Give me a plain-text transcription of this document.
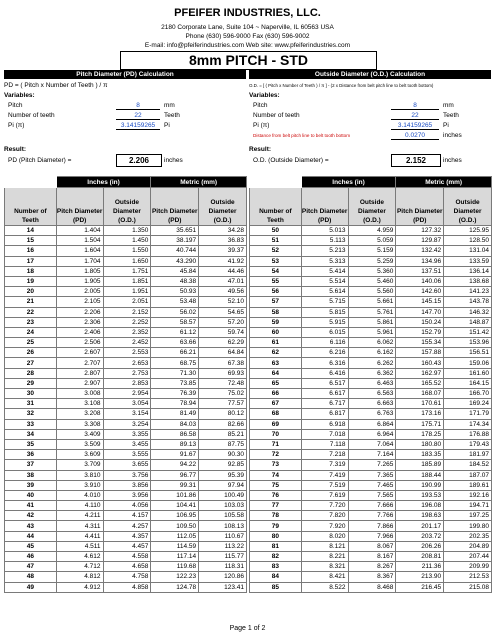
PFEIFER INDUSTRIES, LLC.
2180 Corporate Lane, Suite 104 ~ Naperville, IL 60563 USA
Phone (630) 596-9000 Fax (630) 596-9002
E-mail: info@pfeiferindustries.com Web site: www.pfeiferindustries.com
8mm PITCH - STD
Pitch Diameter (PD) Calculation	Outside Diameter (O.D.) Calculation
PD = ( Pitch x Number of Teeth ) / π
Variables:
Pitch	8	mm
Number of teeth	22	Teeth
Pi (π)	3.14159265	Pi
Result:
PD (Pitch Diameter) =	2.206	inches
O.D. = [ ( Pitch x Number of Teeth ) / π ] - (2 x Distance from belt pitch line to belt tooth bottom)
Variables:
Pitch	8	mm
Number of teeth	22	Teeth
Pi (π)	3.14159265	Pi
Distance from belt pitch line to belt tooth bottom	0.0270	inches
Result:
O.D. (Outside Diameter) =	2.152	inches
	Inches (in)		Metric (mm)	
Number of Teeth	Pitch Diameter (PD)	Outside Diameter (O.D.)	Pitch Diameter (PD)	Outside Diameter (O.D.)
14	1.404	1.350	35.651	34.28
15	1.504	1.450	38.197	36.83
16	1.604	1.550	40.744	39.37
17	1.704	1.650	43.290	41.92
18	1.805	1.751	45.84	44.46
19	1.905	1.851	48.38	47.01
20	2.005	1.951	50.93	49.56
21	2.105	2.051	53.48	52.10
22	2.206	2.152	56.02	54.65
23	2.306	2.252	58.57	57.20
24	2.406	2.352	61.12	59.74
25	2.506	2.452	63.66	62.29
26	2.607	2.553	66.21	64.84
27	2.707	2.653	68.75	67.38
28	2.807	2.753	71.30	69.93
29	2.907	2.853	73.85	72.48
30	3.008	2.954	76.39	75.02
31	3.108	3.054	78.94	77.57
32	3.208	3.154	81.49	80.12
33	3.308	3.254	84.03	82.66
34	3.409	3.355	86.58	85.21
35	3.509	3.455	89.13	87.75
36	3.609	3.555	91.67	90.30
37	3.709	3.655	94.22	92.85
38	3.810	3.756	96.77	95.39
39	3.910	3.856	99.31	97.94
40	4.010	3.956	101.86	100.49
41	4.110	4.056	104.41	103.03
42	4.211	4.157	106.95	105.58
43	4.311	4.257	109.50	108.13
44	4.411	4.357	112.05	110.67
45	4.511	4.457	114.59	113.22
46	4.612	4.558	117.14	115.77
47	4.712	4.658	119.68	118.31
48	4.812	4.758	122.23	120.86
49	4.912	4.858	124.78	123.41
	Inches (in)		Metric (mm)	
Number of Teeth	Pitch Diameter (PD)	Outside Diameter (O.D.)	Pitch Diameter (PD)	Outside Diameter (O.D.)
50	5.013	4.959	127.32	125.95
51	5.113	5.059	129.87	128.50
52	5.213	5.159	132.42	131.04
53	5.313	5.259	134.96	133.59
54	5.414	5.360	137.51	136.14
55	5.514	5.460	140.06	138.68
56	5.614	5.560	142.60	141.23
57	5.715	5.661	145.15	143.78
58	5.815	5.761	147.70	146.32
59	5.915	5.861	150.24	148.87
60	6.015	5.961	152.79	151.42
61	6.116	6.062	155.34	153.96
62	6.216	6.162	157.88	156.51
63	6.316	6.262	160.43	159.06
64	6.416	6.362	162.97	161.60
65	6.517	6.463	165.52	164.15
66	6.617	6.563	168.07	166.70
67	6.717	6.663	170.61	169.24
68	6.817	6.763	173.16	171.79
69	6.918	6.864	175.71	174.34
70	7.018	6.964	178.25	176.88
71	7.118	7.064	180.80	179.43
72	7.218	7.164	183.35	181.97
73	7.319	7.265	185.89	184.52
74	7.419	7.365	188.44	187.07
75	7.519	7.465	190.99	189.61
76	7.619	7.565	193.53	192.16
77	7.720	7.666	196.08	194.71
78	7.820	7.766	198.63	197.25
79	7.920	7.866	201.17	199.80
80	8.020	7.966	203.72	202.35
81	8.121	8.067	206.26	204.89
82	8.221	8.167	208.81	207.44
83	8.321	8.267	211.36	209.99
84	8.421	8.367	213.90	212.53
85	8.522	8.468	216.45	215.08
Page 1 of 2
